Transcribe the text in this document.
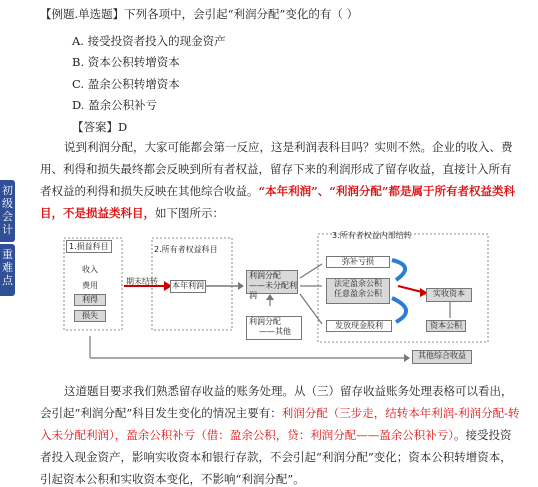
初
级
会
计
重
难
点
【例题.单选题】下列各项中，会引起“利润分配”变化的有（ ）
A. 接受投资者投入的现金资产
B. 资本公积转增资本
C. 盈余公积转增资本
D. 盈余公积补亏
【答案】D
说到利润分配，大家可能都会第一反应，这是利润表科目吗？实则不然。企业的收入、费用、利得和损失最终都会反映到所有者权益，留存下来的利润形成了留存收益，直接计入所有者权益的利得和损失反映在其他综合收益。“本年利润”、“利润分配”都是属于所有者权益类科目，不是损益类科目，如下图所示：
1.损益科目	2.所有者权益科目
3.所有者权益内部结转
收入
费用
利得
损失
期末结转 本年利润
利润分配
——未分配利润
利润分配
——其他
弥补亏损
法定盈余公积
任意盈余公积
发放现金股利
实收资本
资本公积
其他综合收益
这道题目要求我们熟悉留存收益的账务处理。从（三）留存收益账务处理表格可以看出，会引起“利润分配”科目发生变化的情况主要有：利润分配（三步走，结转本年利润-利润分配-转入未分配利润），盈余公积补亏（借：盈余公积，贷：利润分配——盈余公积补亏）。接受投资者投入现金资产，影响实收资本和银行存款，不会引起“利润分配”变化；资本公积转增资本，引起资本公积和实收资本变化，不影响“利润分配”。
